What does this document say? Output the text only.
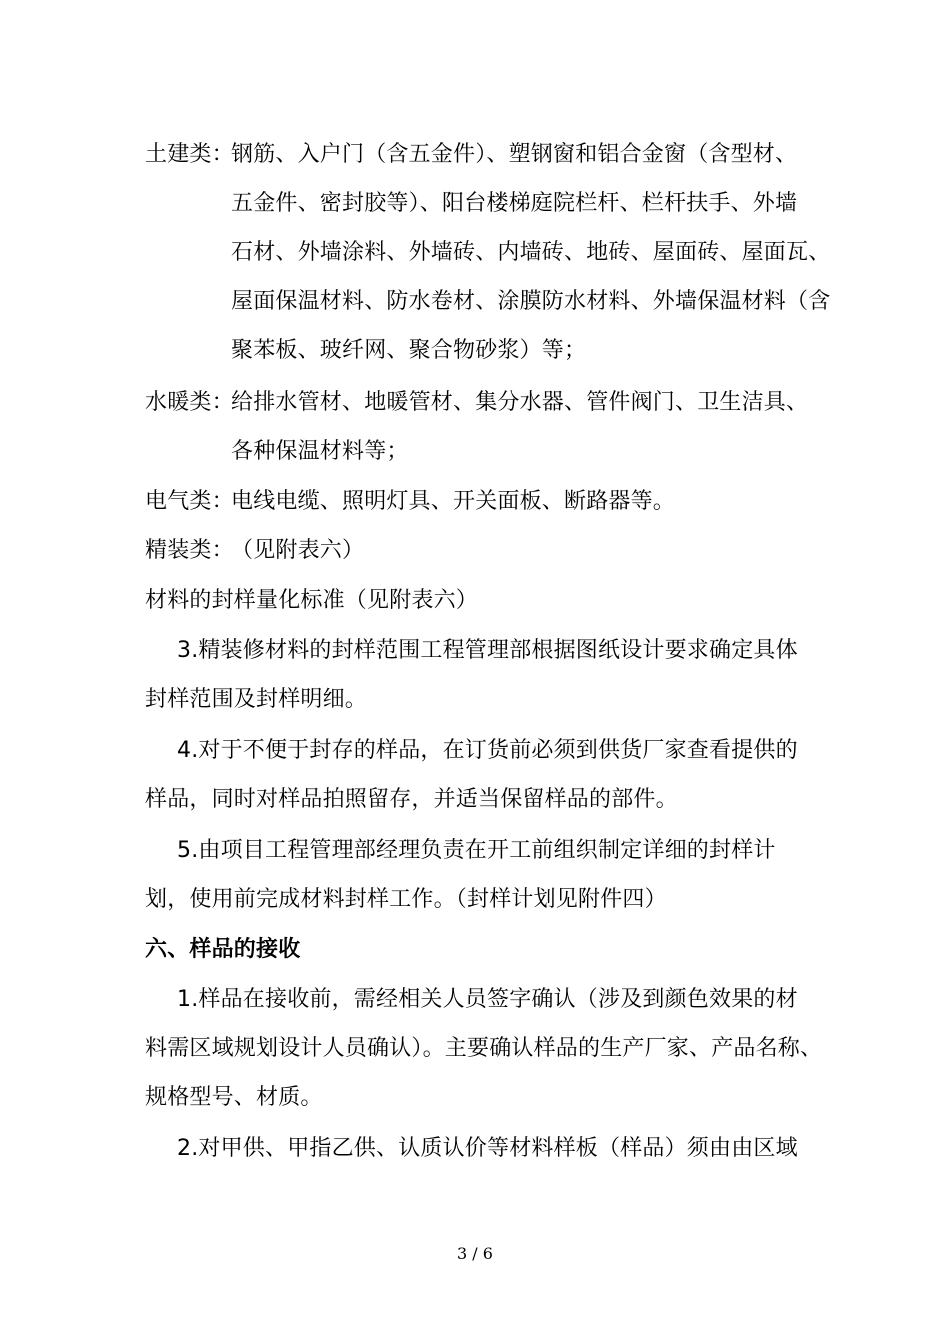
土建类：
钢筋、入户门（含五金件）、塑钢窗和铝合金窗（含型材、
五金件、密封胶等）、阳台楼梯庭院栏杆、栏杆扶手、外墙
石材、外墙涂料、外墙砖、内墙砖、地砖、屋面砖、屋面瓦、
屋面保温材料、防水卷材、涂膜防水材料、外墙保温材料（含
聚苯板、玻纤网、聚合物砂浆）等；
水暖类：
给排水管材、地暖管材、集分水器、管件阀门、卫生洁具、
各种保温材料等；
电气类：
电线电缆、照明灯具、开关面板、断路器等。
精装类：
（见附表六）
材料的封样量化标准（见附表六）
3.精装修材料的封样范围工程管理部根据图纸设计要求确定具体
封样范围及封样明细。
4.对于不便于封存的样品，在订货前必须到供货厂家查看提供的
样品，同时对样品拍照留存，并适当保留样品的部件。
5.由项目工程管理部经理负责在开工前组织制定详细的封样计
划，使用前完成材料封样工作。（封样计划见附件四）
六、样品的接收
1.样品在接收前，需经相关人员签字确认（涉及到颜色效果的材
料需区域规划设计人员确认）。主要确认样品的生产厂家、产品名称、
规格型号、材质。
2.对甲供、甲指乙供、认质认价等材料样板（样品）须由由区域
3 / 6
